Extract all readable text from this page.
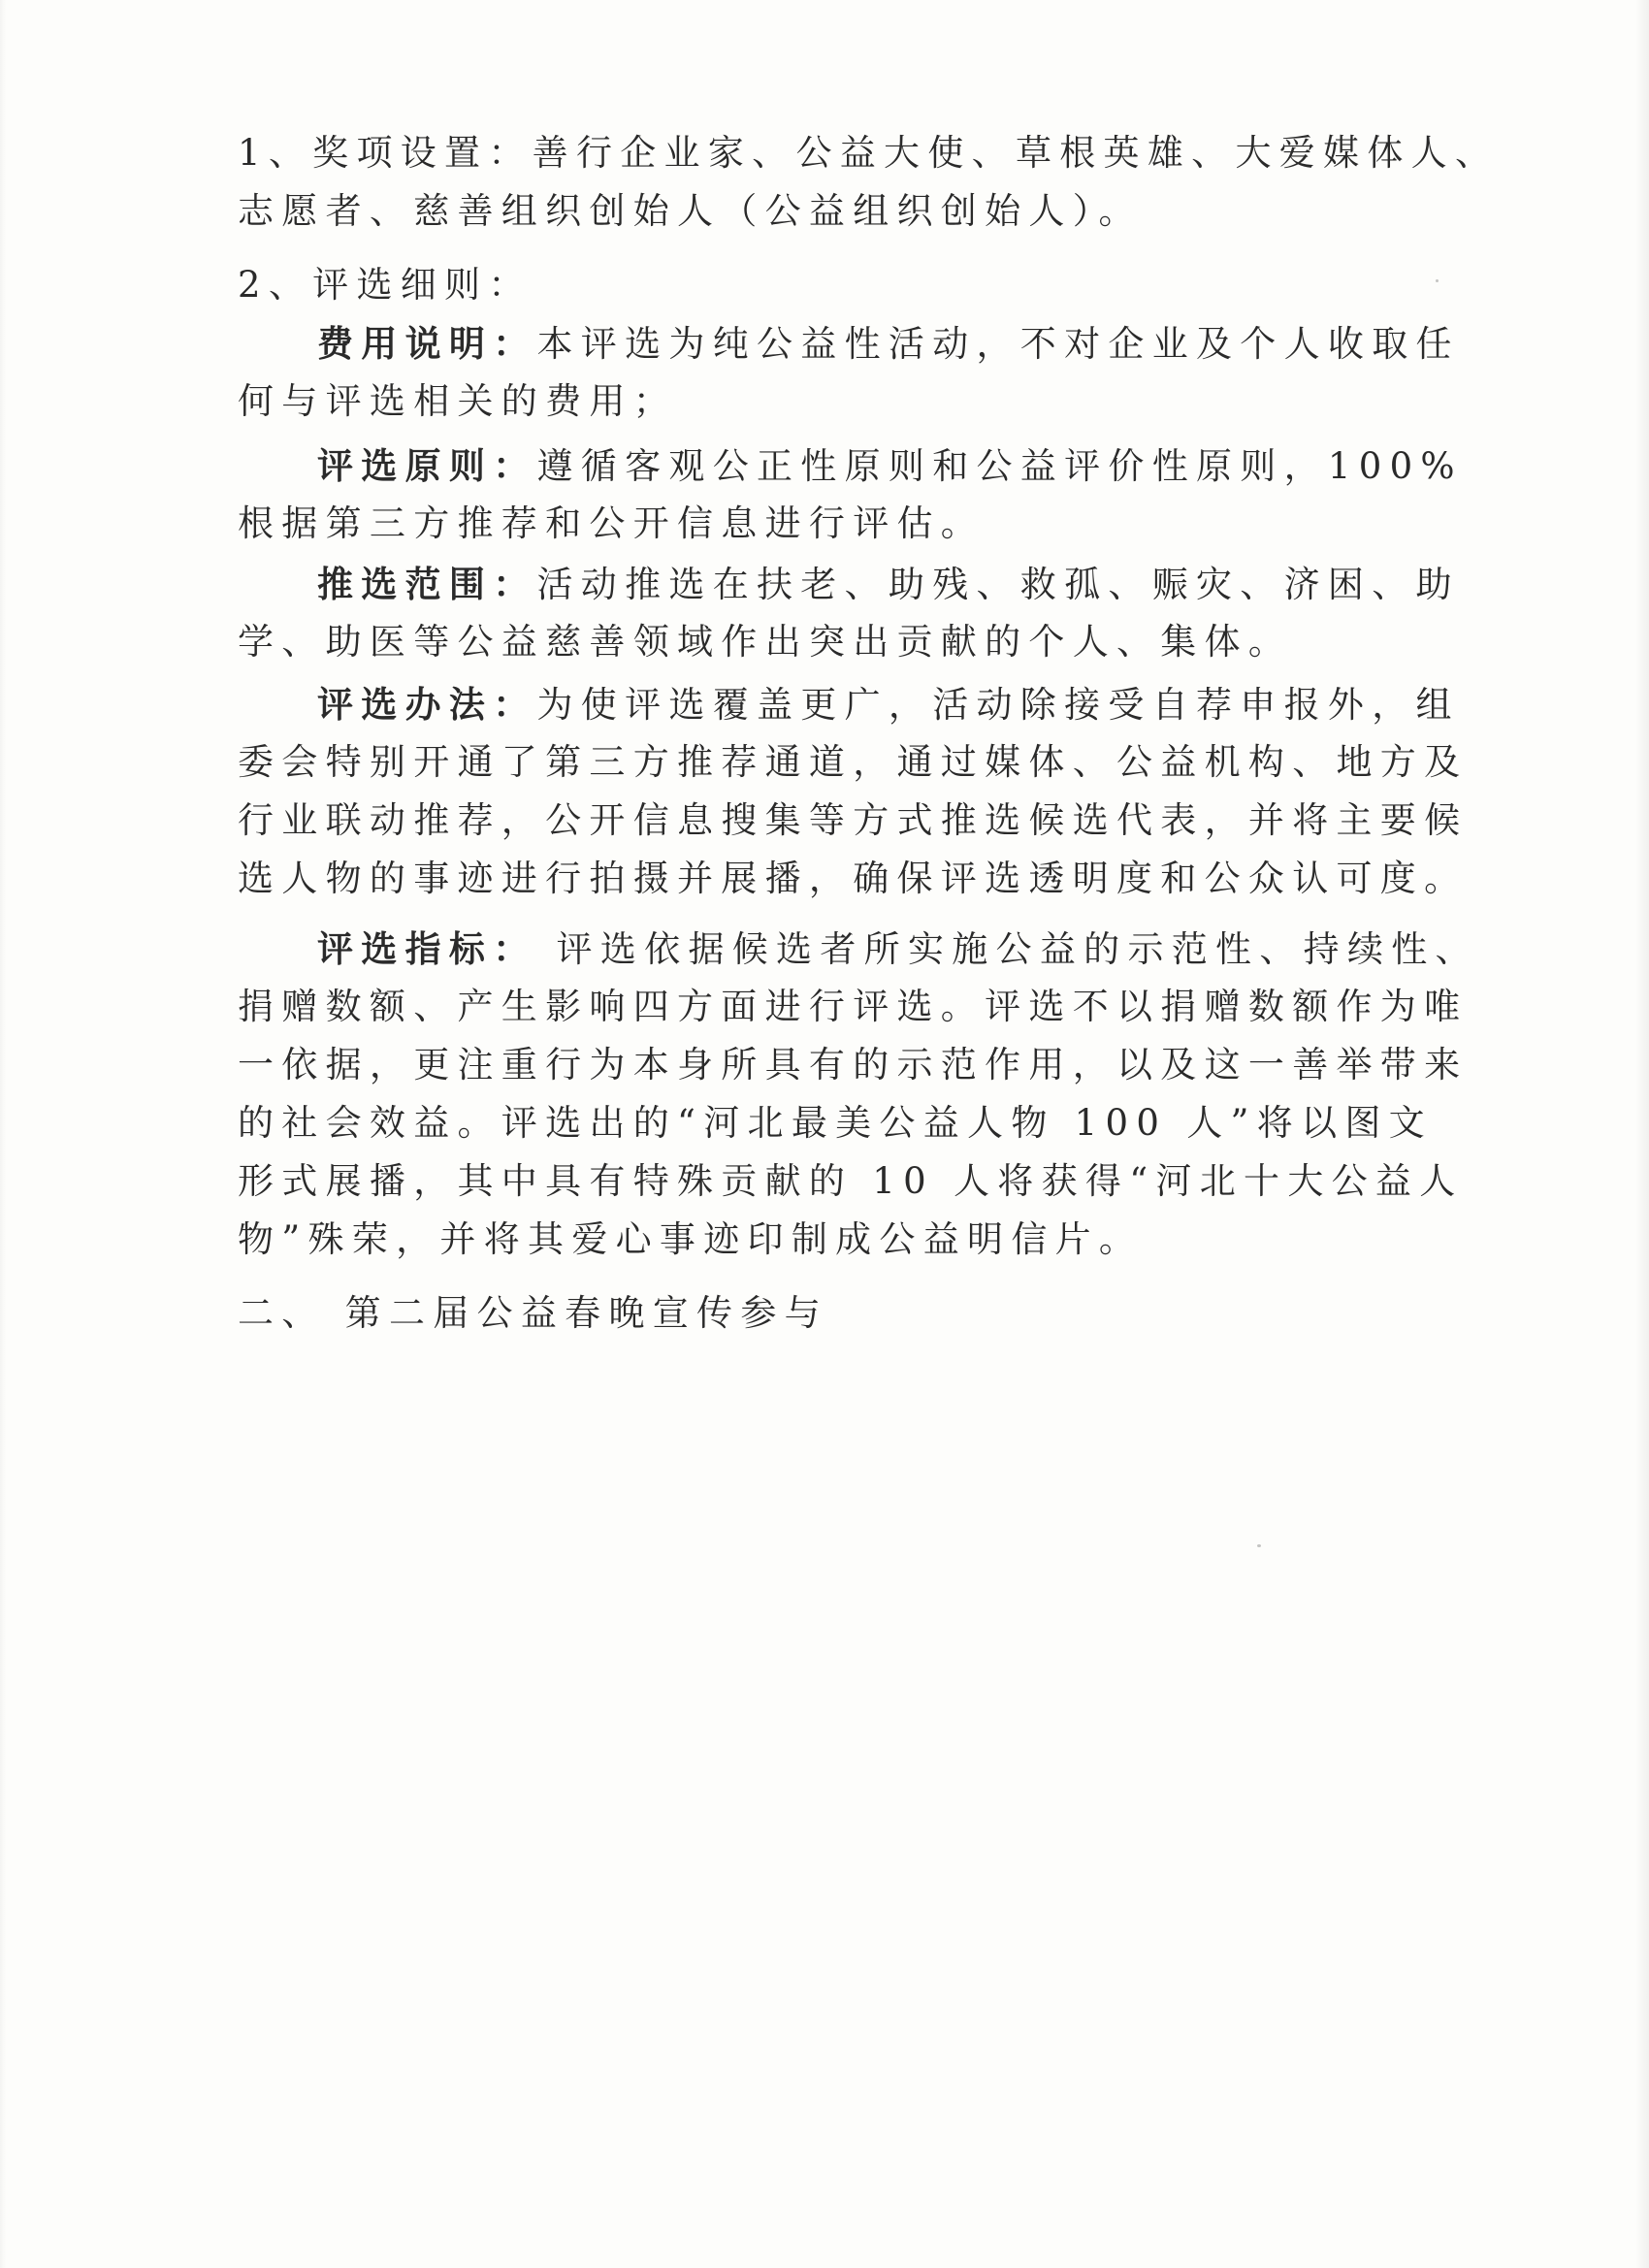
1、奖项设置：善行企业家、公益大使、草根英雄、大爱媒体人、
志愿者、慈善组织创始人（公益组织创始人）。
2、评选细则：
费用说明：本评选为纯公益性活动，不对企业及个人收取任
何与评选相关的费用；
评选原则：遵循客观公正性原则和公益评价性原则，100%
根据第三方推荐和公开信息进行评估。
推选范围：活动推选在扶老、助残、救孤、赈灾、济困、助
学、助医等公益慈善领域作出突出贡献的个人、集体。
评选办法：为使评选覆盖更广，活动除接受自荐申报外，组
委会特别开通了第三方推荐通道，通过媒体、公益机构、地方及
行业联动推荐，公开信息搜集等方式推选候选代表，并将主要候
选人物的事迹进行拍摄并展播，确保评选透明度和公众认可度。
评选指标： 评选依据候选者所实施公益的示范性、持续性、
捐赠数额、产生影响四方面进行评选。评选不以捐赠数额作为唯
一依据，更注重行为本身所具有的示范作用，以及这一善举带来
的社会效益。评选出的“河北最美公益人物 100 人”将以图文
形式展播，其中具有特殊贡献的 10 人将获得“河北十大公益人
物”殊荣，并将其爱心事迹印制成公益明信片。
二、 第二届公益春晚宣传参与
